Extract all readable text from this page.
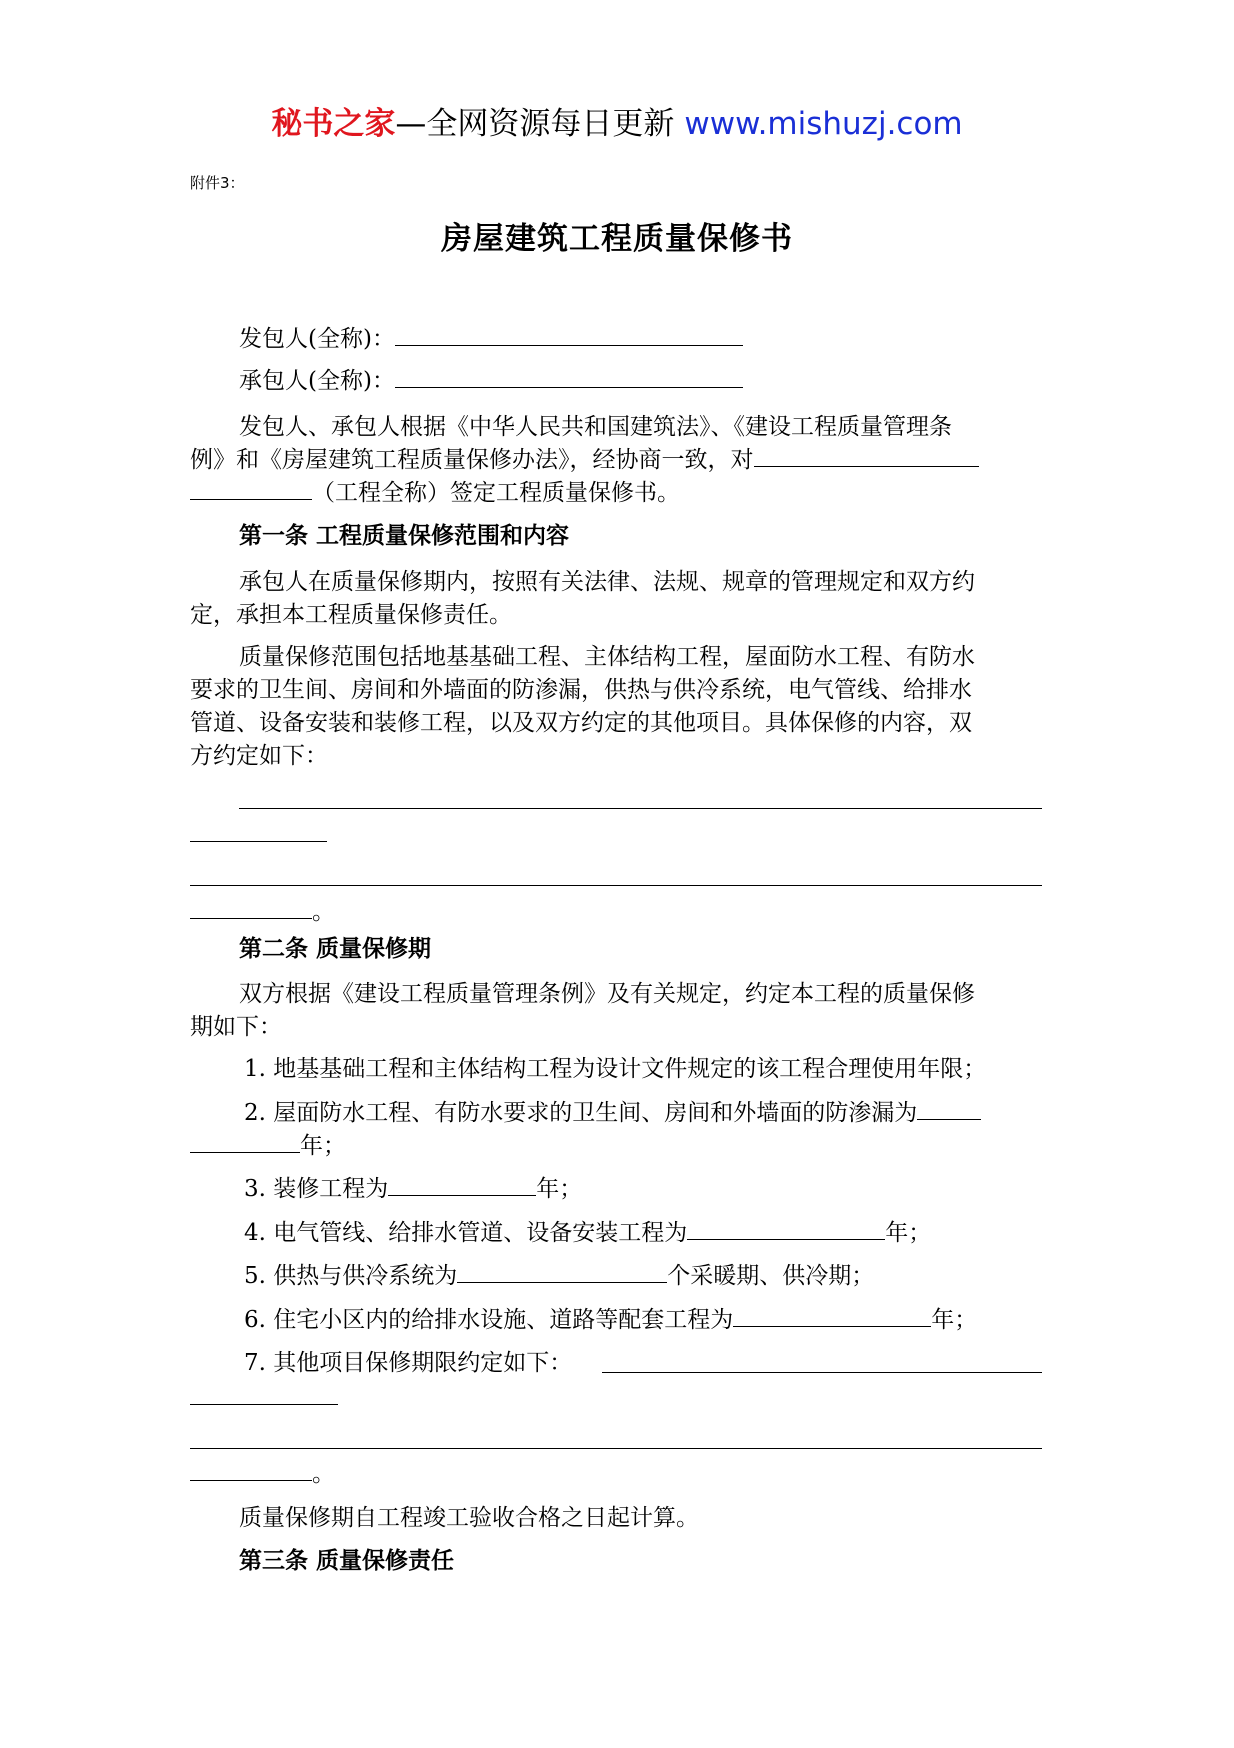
秘书之家—全网资源每日更新 www.mishuzj.com
附件3：
房屋建筑工程质量保修书
发包人(全称)：
承包人(全称)：
发包人、承包人根据《中华人民共和国建筑法》、《建设工程质量管理条
例》和《房屋建筑工程质量保修办法》，经协商一致，对
（工程全称）签定工程质量保修书。
第一条 工程质量保修范围和内容
承包人在质量保修期内，按照有关法律、法规、规章的管理规定和双方约
定，承担本工程质量保修责任。
质量保修范围包括地基基础工程、主体结构工程，屋面防水工程、有防水
要求的卫生间、房间和外墙面的防渗漏，供热与供冷系统，电气管线、给排水
管道、设备安装和装修工程，以及双方约定的其他项目。具体保修的内容，双
方约定如下：
。
第二条 质量保修期
双方根据《建设工程质量管理条例》及有关规定，约定本工程的质量保修
期如下：
1. 地基基础工程和主体结构工程为设计文件规定的该工程合理使用年限；
2. 屋面防水工程、有防水要求的卫生间、房间和外墙面的防渗漏为
年；
3. 装修工程为	年；
4. 电气管线、给排水管道、设备安装工程为	年；
5. 供热与供冷系统为	个采暖期、供冷期；
6. 住宅小区内的给排水设施、道路等配套工程为	年；
7. 其他项目保修期限约定如下：
。
质量保修期自工程竣工验收合格之日起计算。
第三条 质量保修责任
